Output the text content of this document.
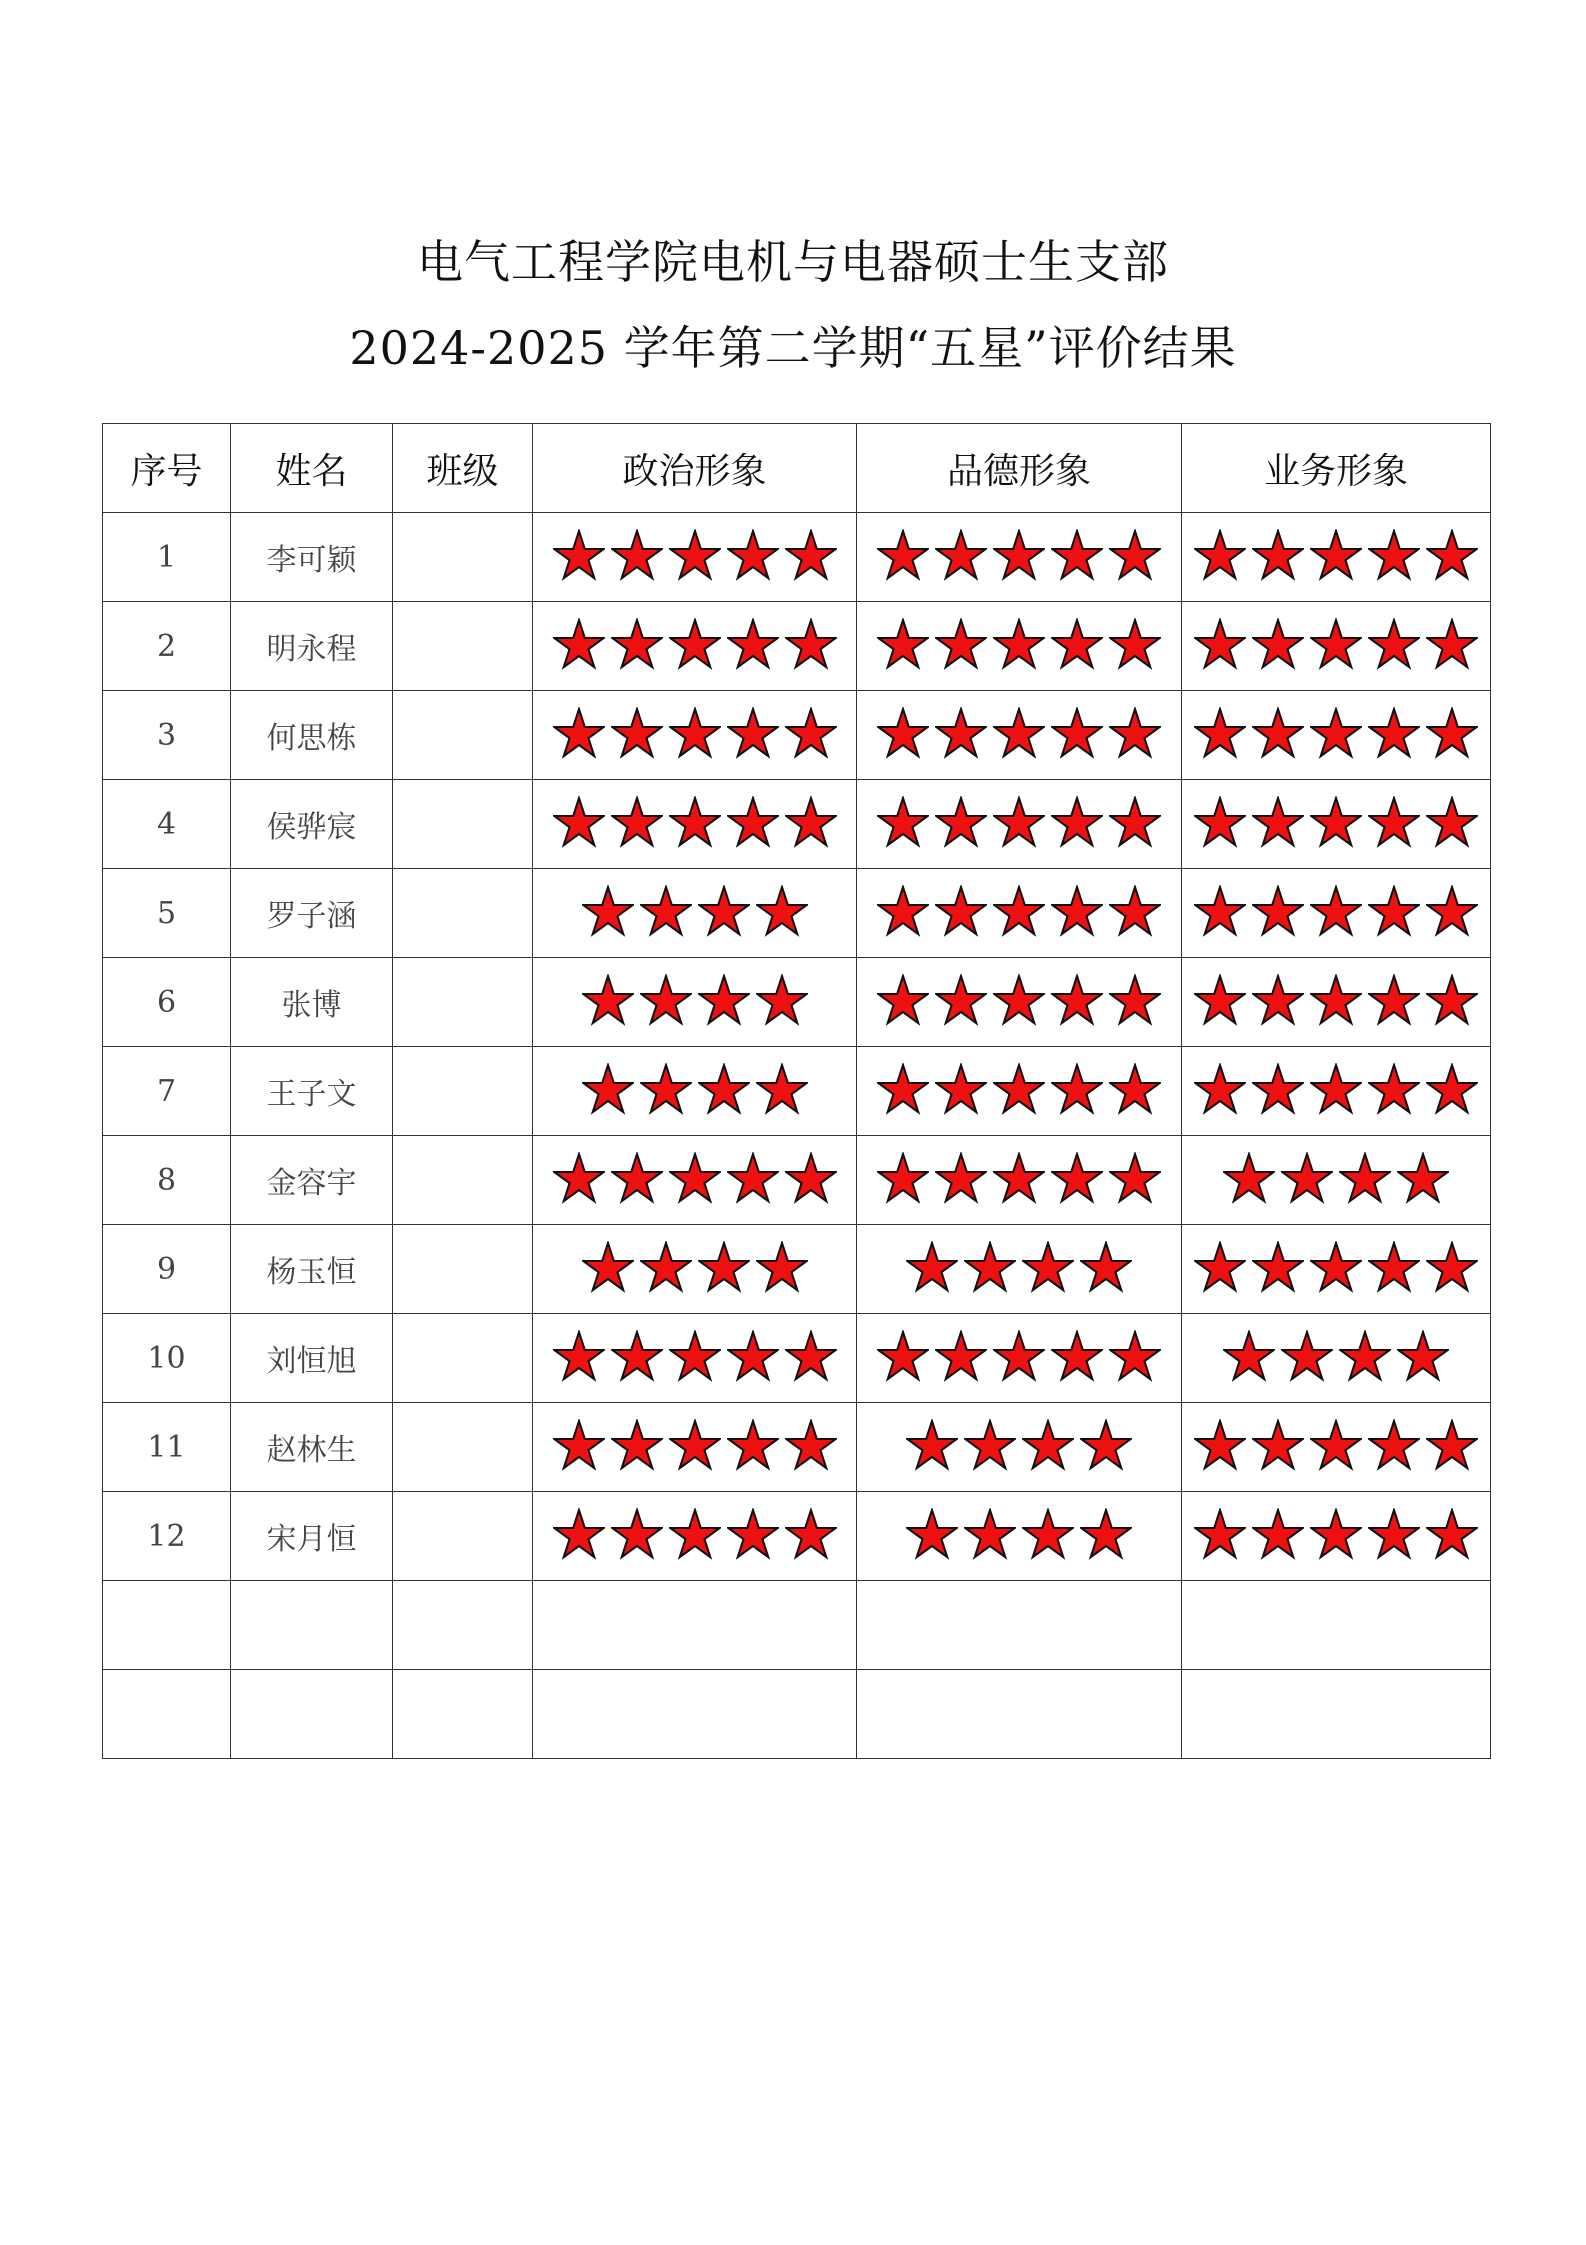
电气工程学院电机与电器硕士生支部
2024-2025 学年第二学期“五星”评价结果
序号	姓名	班级	政治形象	品德形象	业务形象
1	李可颖		

2	明永程		

3	何思栋		

4	侯骅宸		

5	罗子涵		

6	张博		

7	王子文		

8	金容宇		

9	杨玉恒		

10	刘恒旭		

11	赵林生		

12	宋月恒		
